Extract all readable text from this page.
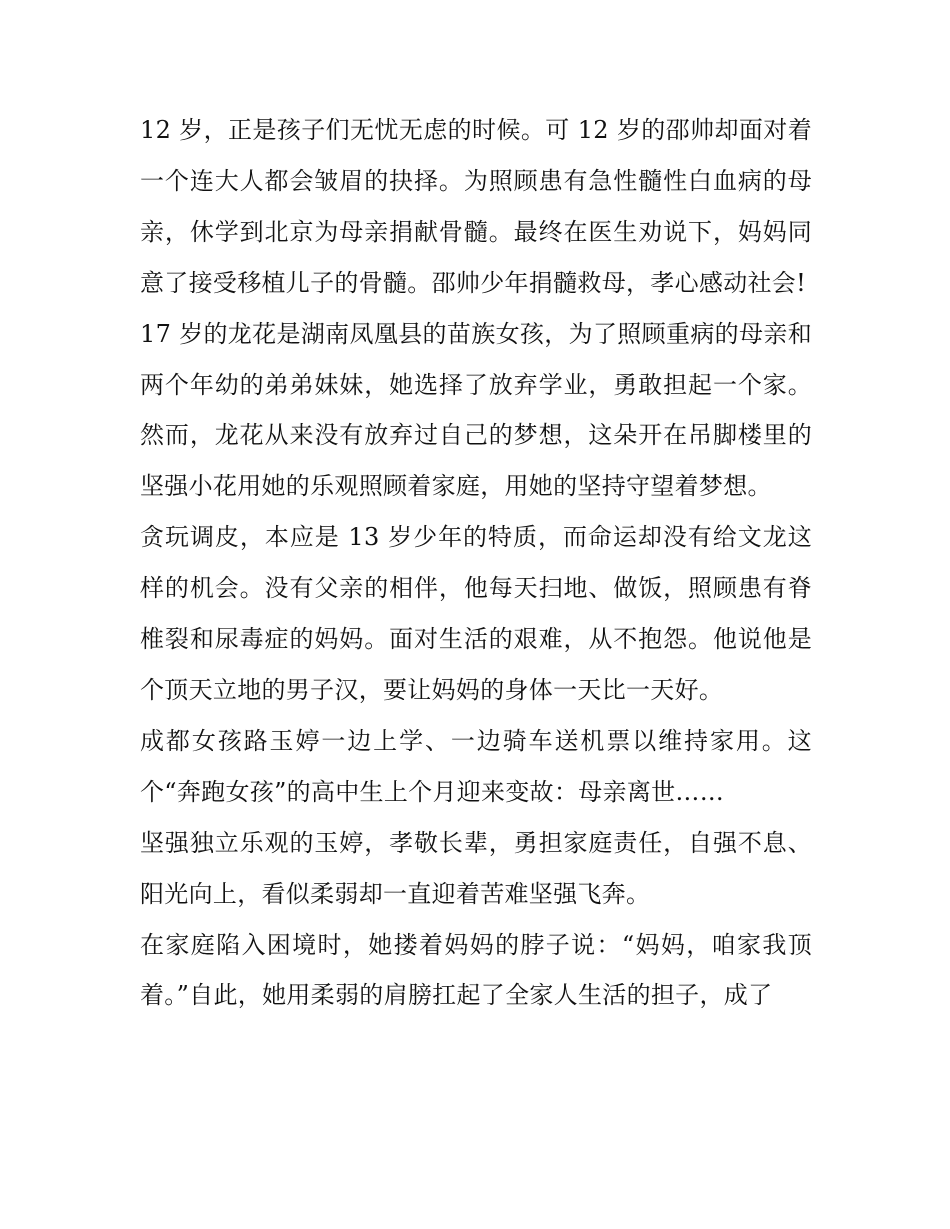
12 岁，正是孩子们无忧无虑的时候。可 12 岁的邵帅却面对着一个连大人都会皱眉的抉择。为照顾患有急性髓性白血病的母亲，休学到北京为母亲捐献骨髓。最终在医生劝说下，妈妈同意了接受移植儿子的骨髓。邵帅少年捐髓救母，孝心感动社会!

17 岁的龙花是湖南凤凰县的苗族女孩，为了照顾重病的母亲和两个年幼的弟弟妹妹，她选择了放弃学业，勇敢担起一个家。然而，龙花从来没有放弃过自己的梦想，这朵开在吊脚楼里的坚强小花用她的乐观照顾着家庭，用她的坚持守望着梦想。

贪玩调皮，本应是 13 岁少年的特质，而命运却没有给文龙这样的机会。没有父亲的相伴，他每天扫地、做饭，照顾患有脊椎裂和尿毒症的妈妈。面对生活的艰难，从不抱怨。他说他是个顶天立地的男子汉，要让妈妈的身体一天比一天好。

成都女孩路玉婷一边上学、一边骑车送机票以维持家用。这个“奔跑女孩”的高中生上个月迎来变故：母亲离世……

坚强独立乐观的玉婷，孝敬长辈，勇担家庭责任，自强不息、阳光向上，看似柔弱却一直迎着苦难坚强飞奔。

在家庭陷入困境时，她搂着妈妈的脖子说：“妈妈，咱家我顶着。”自此，她用柔弱的肩膀扛起了全家人生活的担子，成了
